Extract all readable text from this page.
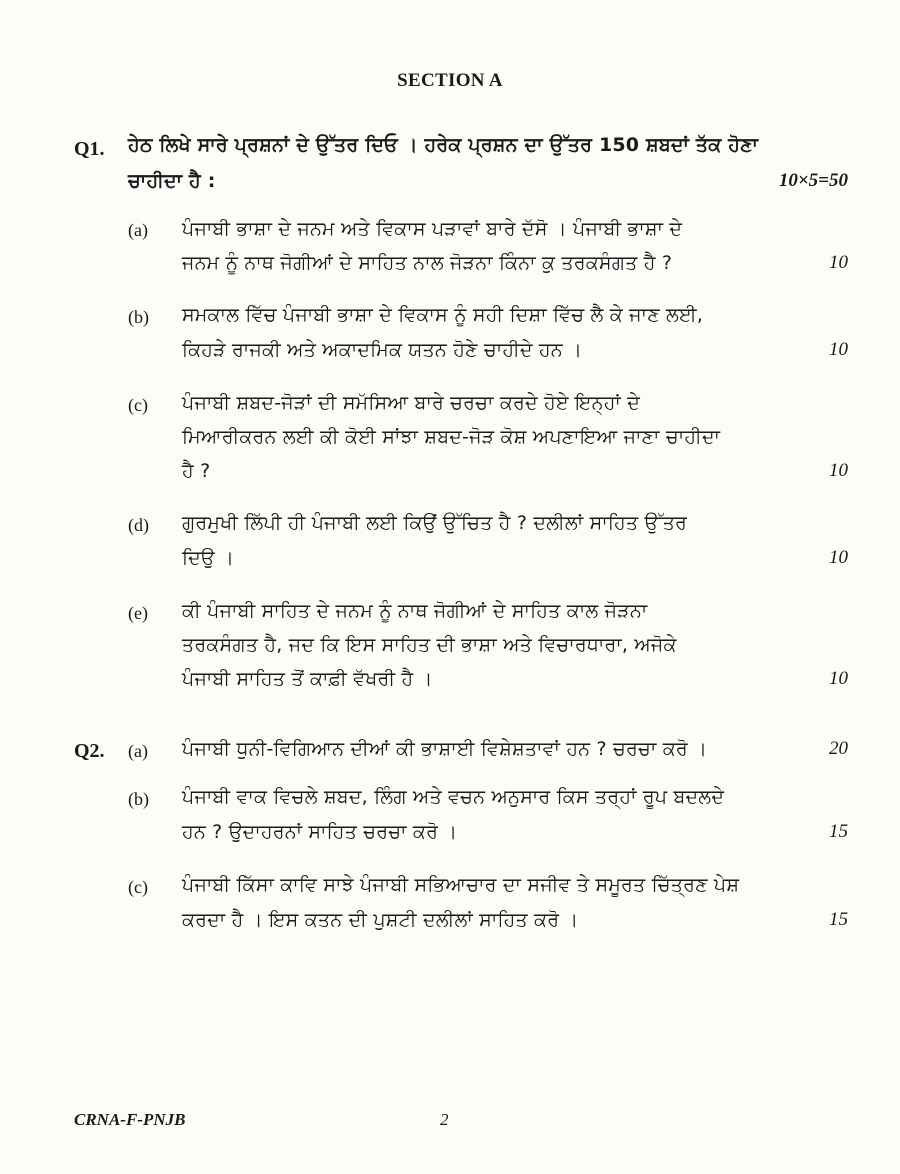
SECTION A
Q1. ਹੇਠ ਲਿਖੇ ਸਾਰੇ ਪ੍ਰਸ਼ਨਾਂ ਦੇ ਉੱਤਰ ਦਿਓ । ਹਰੇਕ ਪ੍ਰਸ਼ਨ ਦਾ ਉੱਤਰ 150 ਸ਼ਬਦਾਂ ਤੱਕ ਹੋਣਾ
ਚਾਹੀਦਾ ਹੈ :	10×5=50
(a) ਪੰਜਾਬੀ ਭਾਸ਼ਾ ਦੇ ਜਨਮ ਅਤੇ ਵਿਕਾਸ ਪੜਾਵਾਂ ਬਾਰੇ ਦੱਸੋ । ਪੰਜਾਬੀ ਭਾਸ਼ਾ ਦੇ
ਜਨਮ ਨੂੰ ਨਾਥ ਜੋਗੀਆਂ ਦੇ ਸਾਹਿਤ ਨਾਲ ਜੋੜਨਾ ਕਿੰਨਾ ਕੁ ਤਰਕਸੰਗਤ ਹੈ ?	10
(b) ਸਮਕਾਲ ਵਿੱਚ ਪੰਜਾਬੀ ਭਾਸ਼ਾ ਦੇ ਵਿਕਾਸ ਨੂੰ ਸਹੀ ਦਿਸ਼ਾ ਵਿੱਚ ਲੈ ਕੇ ਜਾਣ ਲਈ,
ਕਿਹੜੇ ਰਾਜਕੀ ਅਤੇ ਅਕਾਦਮਿਕ ਯਤਨ ਹੋਣੇ ਚਾਹੀਦੇ ਹਨ ।	10
(c) ਪੰਜਾਬੀ ਸ਼ਬਦ-ਜੋੜਾਂ ਦੀ ਸਮੱਸਿਆ ਬਾਰੇ ਚਰਚਾ ਕਰਦੇ ਹੋਏ ਇਨ੍ਹਾਂ ਦੇ
ਮਿਆਰੀਕਰਨ ਲਈ ਕੀ ਕੋਈ ਸਾਂਝਾ ਸ਼ਬਦ-ਜੋੜ ਕੋਸ਼ ਅਪਣਾਇਆ ਜਾਣਾ ਚਾਹੀਦਾ
ਹੈ ?	10
(d) ਗੁਰਮੁਖੀ ਲਿੱਪੀ ਹੀ ਪੰਜਾਬੀ ਲਈ ਕਿਉਂ ਉੱਚਿਤ ਹੈ ? ਦਲੀਲਾਂ ਸਾਹਿਤ ਉੱਤਰ
ਦਿਉ ।	10
(e) ਕੀ ਪੰਜਾਬੀ ਸਾਹਿਤ ਦੇ ਜਨਮ ਨੂੰ ਨਾਥ ਜੋਗੀਆਂ ਦੇ ਸਾਹਿਤ ਕਾਲ ਜੋੜਨਾ
ਤਰਕਸੰਗਤ ਹੈ, ਜਦ ਕਿ ਇਸ ਸਾਹਿਤ ਦੀ ਭਾਸ਼ਾ ਅਤੇ ਵਿਚਾਰਧਾਰਾ, ਅਜੋਕੇ
ਪੰਜਾਬੀ ਸਾਹਿਤ ਤੋਂ ਕਾਫ਼ੀ ਵੱਖਰੀ ਹੈ ।	10
Q2. (a) ਪੰਜਾਬੀ ਧੁਨੀ-ਵਿਗਿਆਨ ਦੀਆਂ ਕੀ ਭਾਸ਼ਾਈ ਵਿਸ਼ੇਸ਼ਤਾਵਾਂ ਹਨ ? ਚਰਚਾ ਕਰੋ ।	20
(b) ਪੰਜਾਬੀ ਵਾਕ ਵਿਚਲੇ ਸ਼ਬਦ, ਲਿੰਗ ਅਤੇ ਵਚਨ ਅਨੁਸਾਰ ਕਿਸ ਤਰ੍ਹਾਂ ਰੂਪ ਬਦਲਦੇ
ਹਨ ? ਉਦਾਹਰਨਾਂ ਸਾਹਿਤ ਚਰਚਾ ਕਰੋ ।	15
(c) ਪੰਜਾਬੀ ਕਿੱਸਾ ਕਾਵਿ ਸਾਝੇ ਪੰਜਾਬੀ ਸਭਿਆਚਾਰ ਦਾ ਸਜੀਵ ਤੇ ਸਮੂਰਤ ਚਿੱਤ੍ਰਣ ਪੇਸ਼
ਕਰਦਾ ਹੈ । ਇਸ ਕਤਨ ਦੀ ਪੁਸ਼ਟੀ ਦਲੀਲਾਂ ਸਾਹਿਤ ਕਰੋ ।	15
CRNA-F-PNJB	2
